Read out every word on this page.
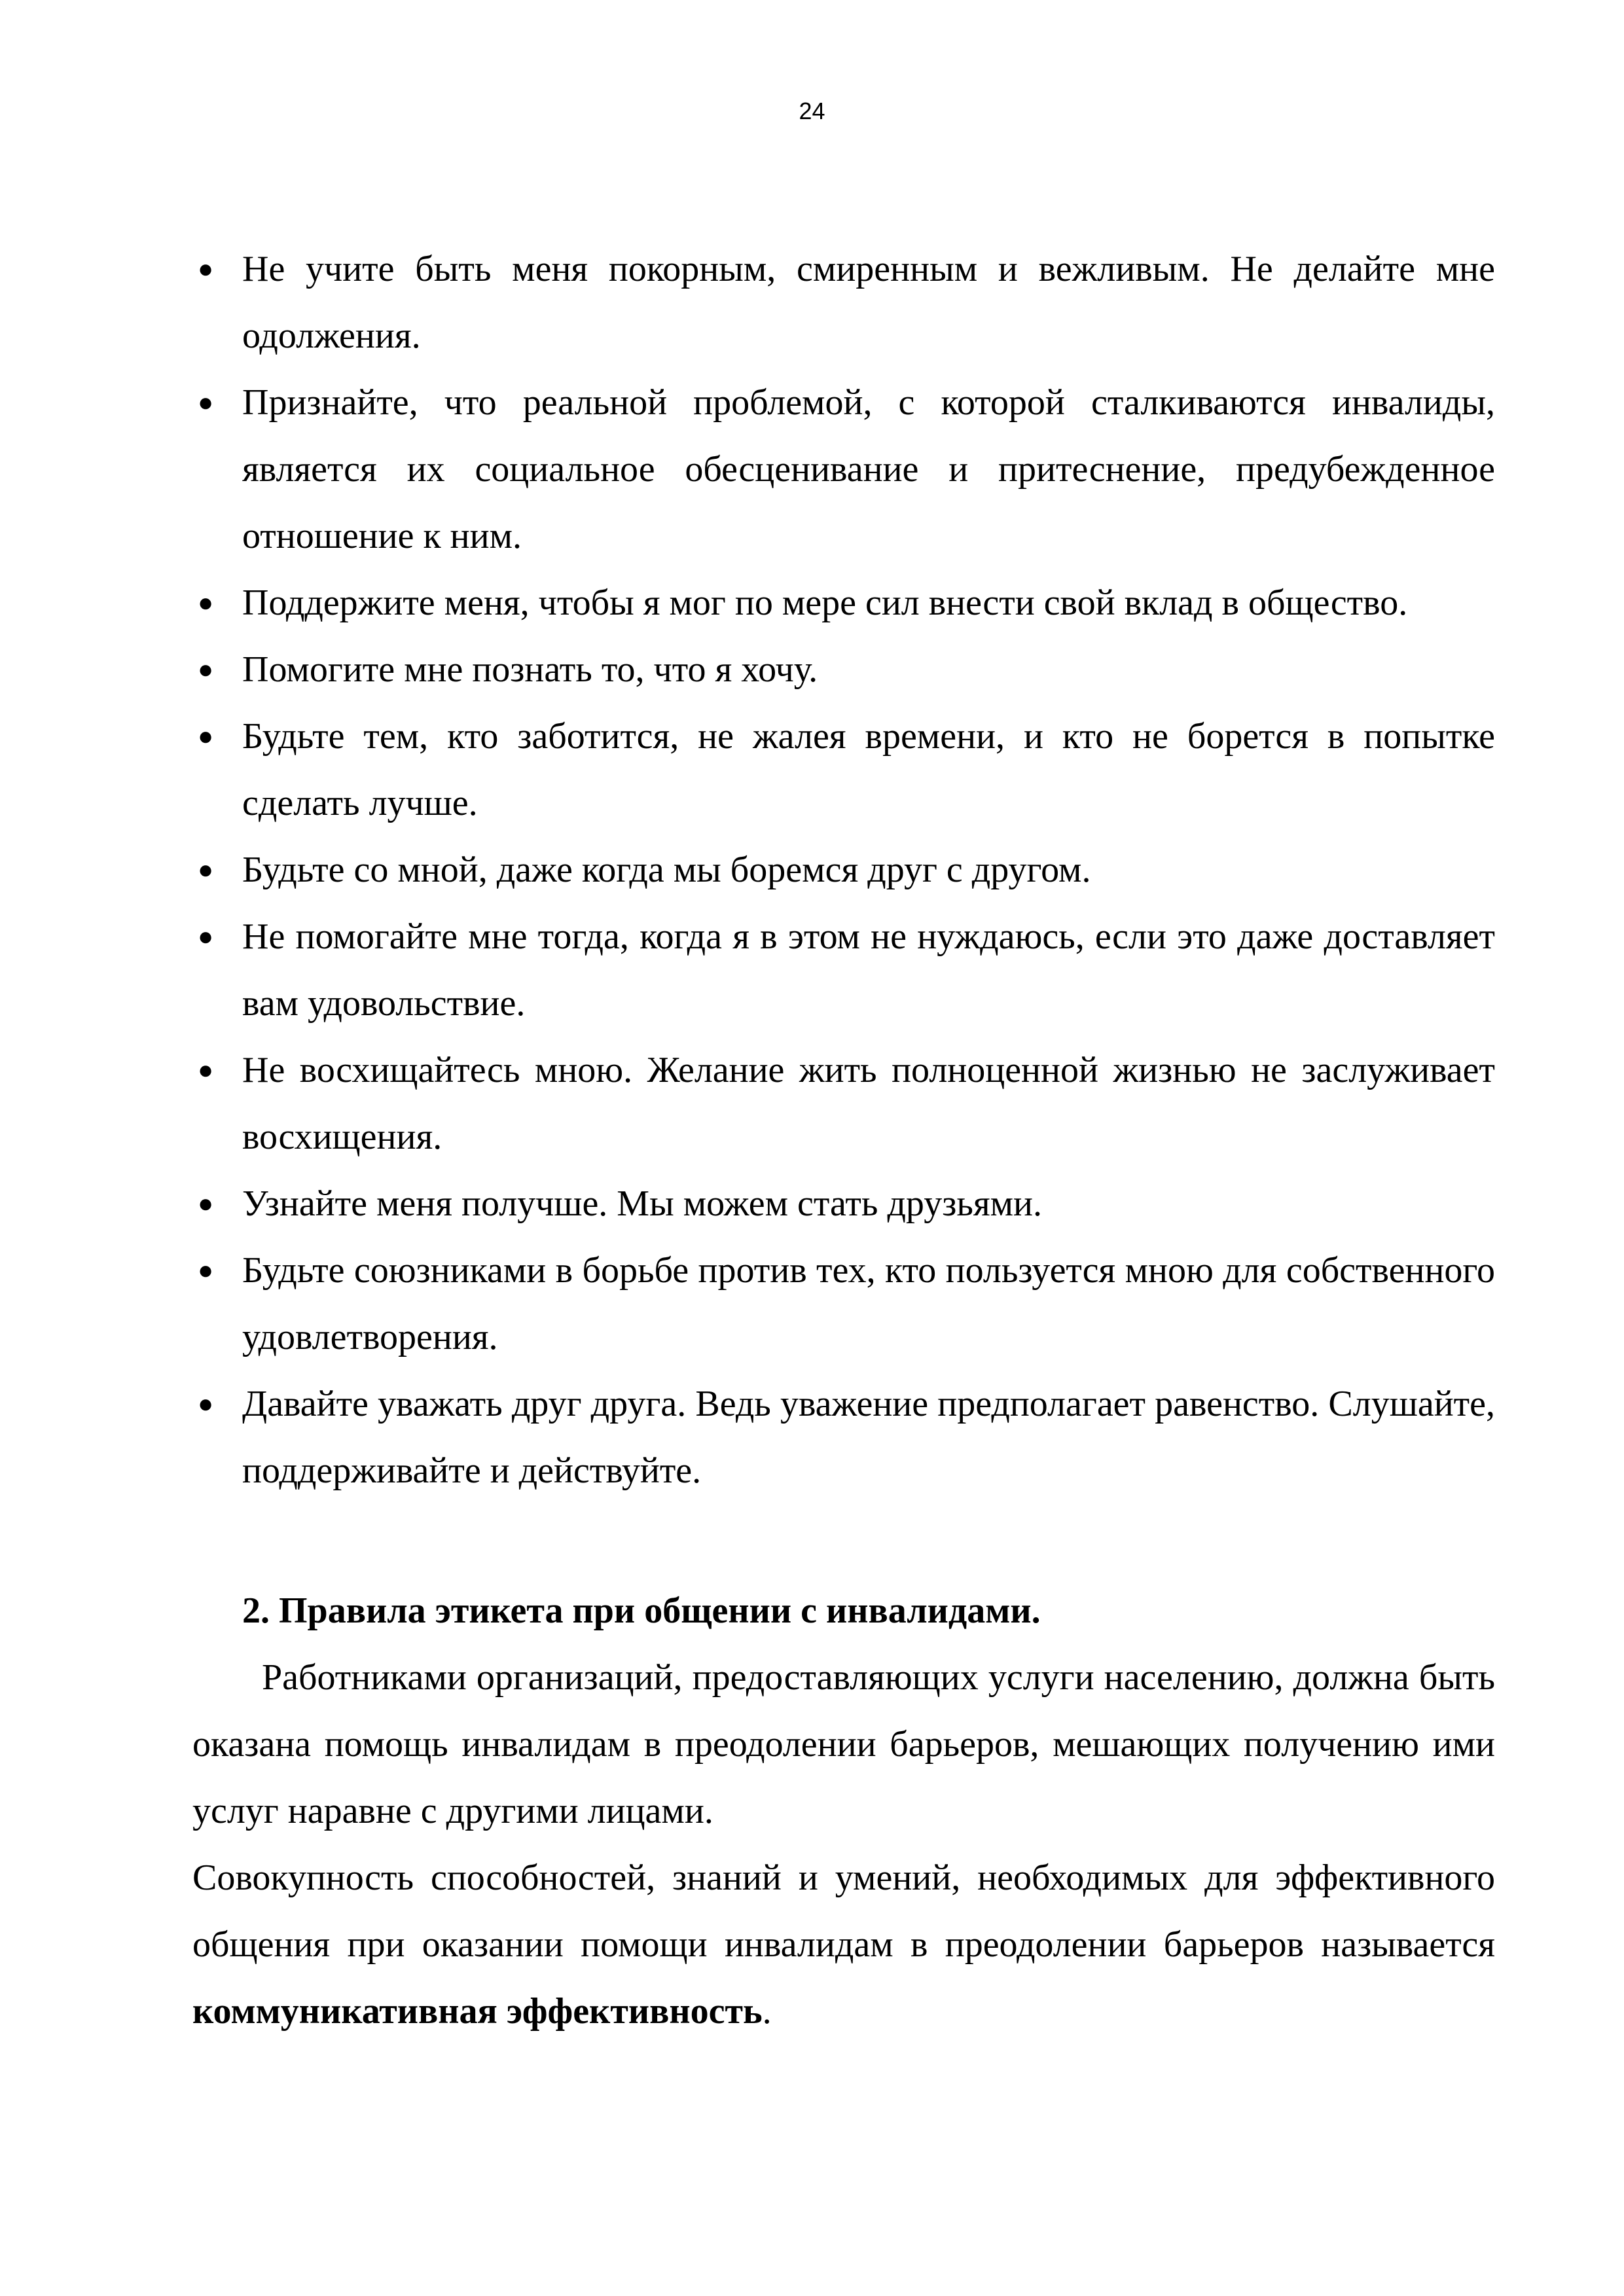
24
● Не учите быть меня покорным, смиренным и вежливым. Не делайте мне одолжения.
● Признайте, что реальной проблемой, с которой сталкиваются инвалиды, является их социальное обесценивание и притеснение, предубежденное отношение к ним.
● Поддержите меня, чтобы я мог по мере сил внести свой вклад в общество.
● Помогите мне познать то, что я хочу.
● Будьте тем, кто заботится, не жалея времени, и кто не борется в попытке сделать лучше.
● Будьте со мной, даже когда мы боремся друг с другом.
● Не помогайте мне тогда, когда я в этом не нуждаюсь, если это даже доставляет вам удовольствие.
● Не восхищайтесь мною. Желание жить полноценной жизнью не заслуживает восхищения.
● Узнайте меня получше. Мы можем стать друзьями.
● Будьте союзниками в борьбе против тех, кто пользуется мною для собственного удовлетворения.
● Давайте уважать друг друга. Ведь уважение предполагает равенство. Слушайте, поддерживайте и действуйте.
2. Правила этикета при общении с инвалидами.

Работниками организаций, предоставляющих услуги населению, должна быть оказана помощь инвалидам в преодолении барьеров, мешающих получению ими услуг наравне с другими лицами.

Совокупность способностей, знаний и умений, необходимых для эффективного общения при оказании помощи инвалидам в преодолении барьеров называется коммуникативная эффективность.
